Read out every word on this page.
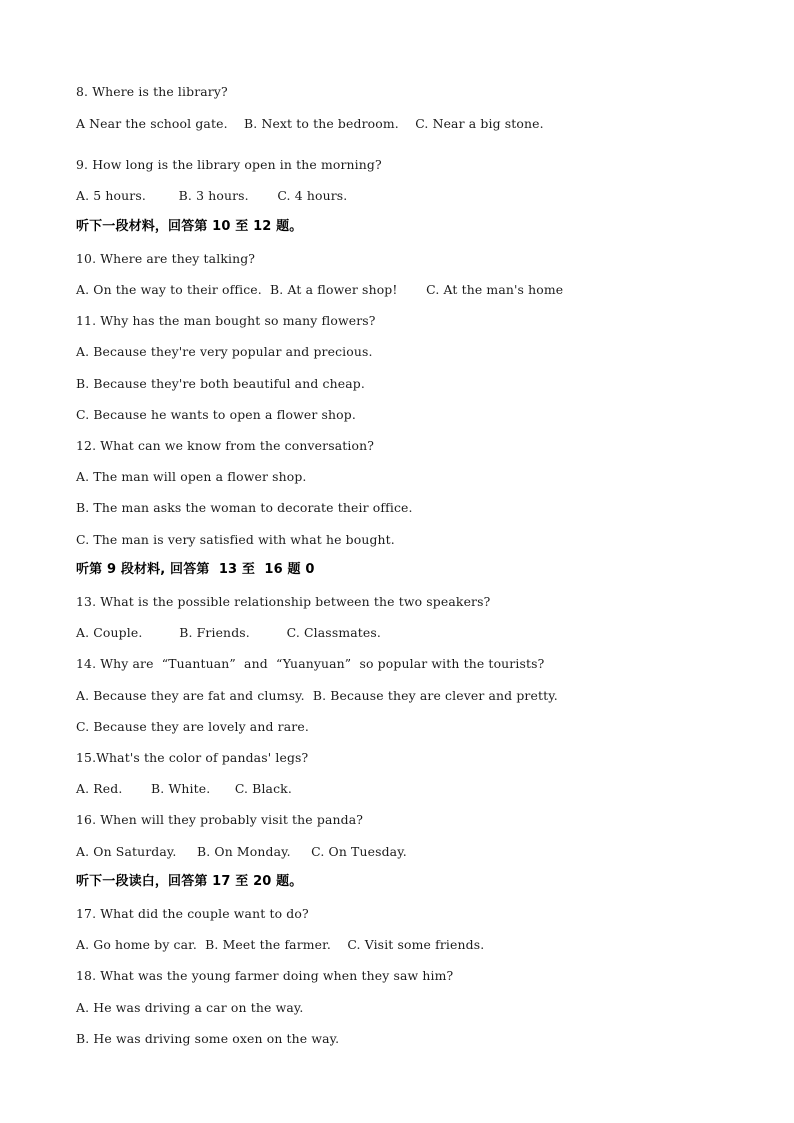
8. Where is the library?
A Near the school gate.    B. Next to the bedroom.    C. Near a big stone.
9. How long is the library open in the morning?
A. 5 hours.        B. 3 hours.       C. 4 hours.
听下一段材料，回答第 10 至 12 题。
10. Where are they talking?
A. On the way to their office.  B. At a flower shop!       C. At the man's home
11. Why has the man bought so many flowers?
A. Because they're very popular and precious.
B. Because they're both beautiful and cheap.
C. Because he wants to open a flower shop.
12. What can we know from the conversation?
A. The man will open a flower shop.
B. The man asks the woman to decorate their office.
C. The man is very satisfied with what he bought.
听第 9 段材料, 回答第  13 至  16 题 0
13. What is the possible relationship between the two speakers?
A. Couple.         B. Friends.         C. Classmates.
14. Why are  “Tuantuan”  and  “Yuanyuan”  so popular with the tourists?
A. Because they are fat and clumsy.  B. Because they are clever and pretty.
C. Because they are lovely and rare.
15.What's the color of pandas' legs?
A. Red.       B. White.      C. Black.
16. When will they probably visit the panda?
A. On Saturday.     B. On Monday.     C. On Tuesday.
听下一段读白，回答第 17 至 20 题。
17. What did the couple want to do?
A. Go home by car.  B. Meet the farmer.    C. Visit some friends.
18. What was the young farmer doing when they saw him?
A. He was driving a car on the way.
B. He was driving some oxen on the way.
